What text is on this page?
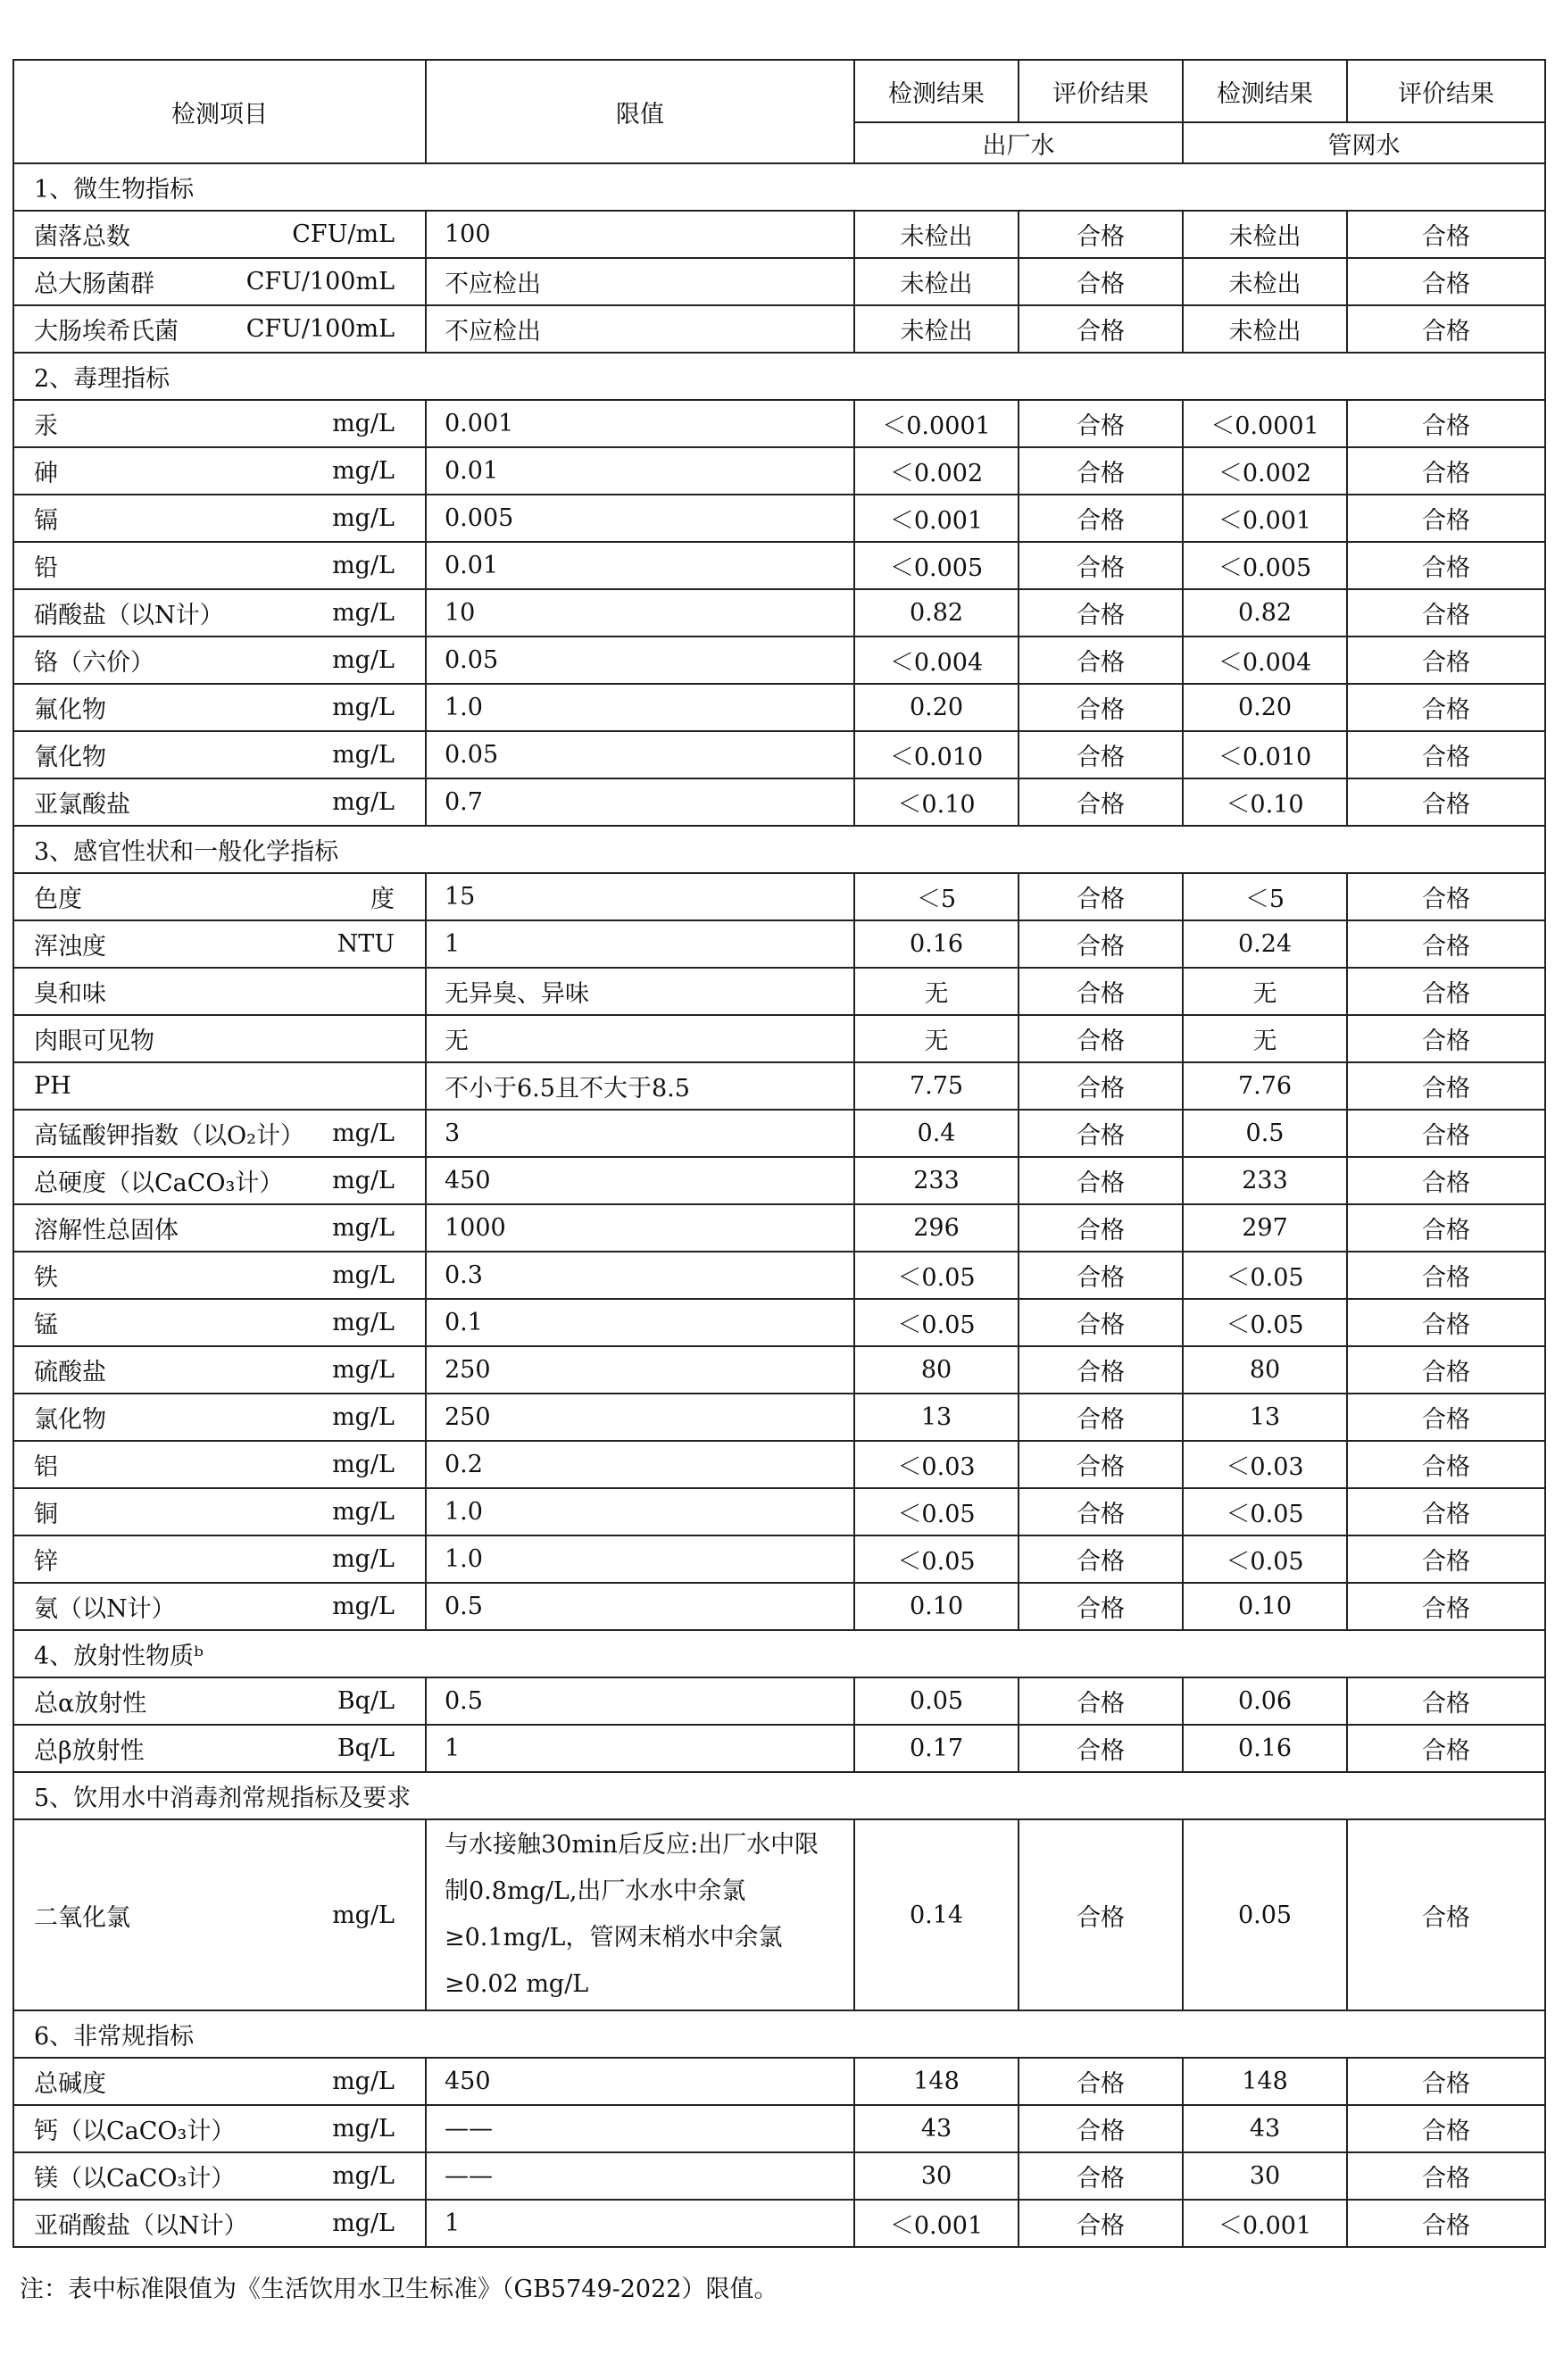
检测项目	限值	检测结果	评价结果	检测结果	评价结果
		出厂水		管网水	
1、微生物指标					

菌落总数 CFU/mL	100	未检出	合格	未检出	合格

总大肠菌群 CFU/100mL	不应检出	未检出	合格	未检出	合格

大肠埃希氏菌 CFU/100mL	不应检出	未检出	合格	未检出	合格
2、毒理指标					

汞 mg/L	0.001	＜0.0001	合格	＜0.0001	合格

砷 mg/L	0.01	＜0.002	合格	＜0.002	合格

镉 mg/L	0.005	＜0.001	合格	＜0.001	合格

铅 mg/L	0.01	＜0.005	合格	＜0.005	合格

硝酸盐（以N计） mg/L	10	0.82	合格	0.82	合格

铬（六价） mg/L	0.05	＜0.004	合格	＜0.004	合格

氟化物 mg/L	1.0	0.20	合格	0.20	合格

氰化物 mg/L	0.05	＜0.010	合格	＜0.010	合格

亚氯酸盐 mg/L	0.7	＜0.10	合格	＜0.10	合格
3、感官性状和一般化学指标					

色度 度	15	＜5	合格	＜5	合格

浑浊度 NTU	1	0.16	合格	0.24	合格

臭和味	无异臭、异味	无	合格	无	合格

肉眼可见物	无	无	合格	无	合格

PH	不小于6.5且不大于8.5	7.75	合格	7.76	合格

高锰酸钾指数（以O₂计） mg/L	3	0.4	合格	0.5	合格

总硬度（以CaCO₃计） mg/L	450	233	合格	233	合格

溶解性总固体 mg/L	1000	296	合格	297	合格

铁 mg/L	0.3	＜0.05	合格	＜0.05	合格

锰 mg/L	0.1	＜0.05	合格	＜0.05	合格

硫酸盐 mg/L	250	80	合格	80	合格

氯化物 mg/L	250	13	合格	13	合格

铝 mg/L	0.2	＜0.03	合格	＜0.03	合格

铜 mg/L	1.0	＜0.05	合格	＜0.05	合格

锌 mg/L	1.0	＜0.05	合格	＜0.05	合格

氨（以N计） mg/L	0.5	0.10	合格	0.10	合格
4、放射性物质ᵇ					

总α放射性 Bq/L	0.5	0.05	合格	0.06	合格

总β放射性 Bq/L	1	0.17	合格	0.16	合格
5、饮用水中消毒剂常规指标及要求					

二氧化氯 mg/L	与水接触30min后反应:出厂水中限制0.8mg/L,出厂水水中余氯≥0.1mg/L，管网末梢水中余氯≥0.02 mg/L	0.14	合格	0.05	合格
6、非常规指标					

总碱度 mg/L	450	148	合格	148	合格

钙（以CaCO₃计） mg/L	——	43	合格	43	合格

镁（以CaCO₃计） mg/L	——	30	合格	30	合格

亚硝酸盐（以N计） mg/L	1	＜0.001	合格	＜0.001	合格
注：表中标准限值为《生活饮用水卫生标准》（GB5749-2022）限值。
